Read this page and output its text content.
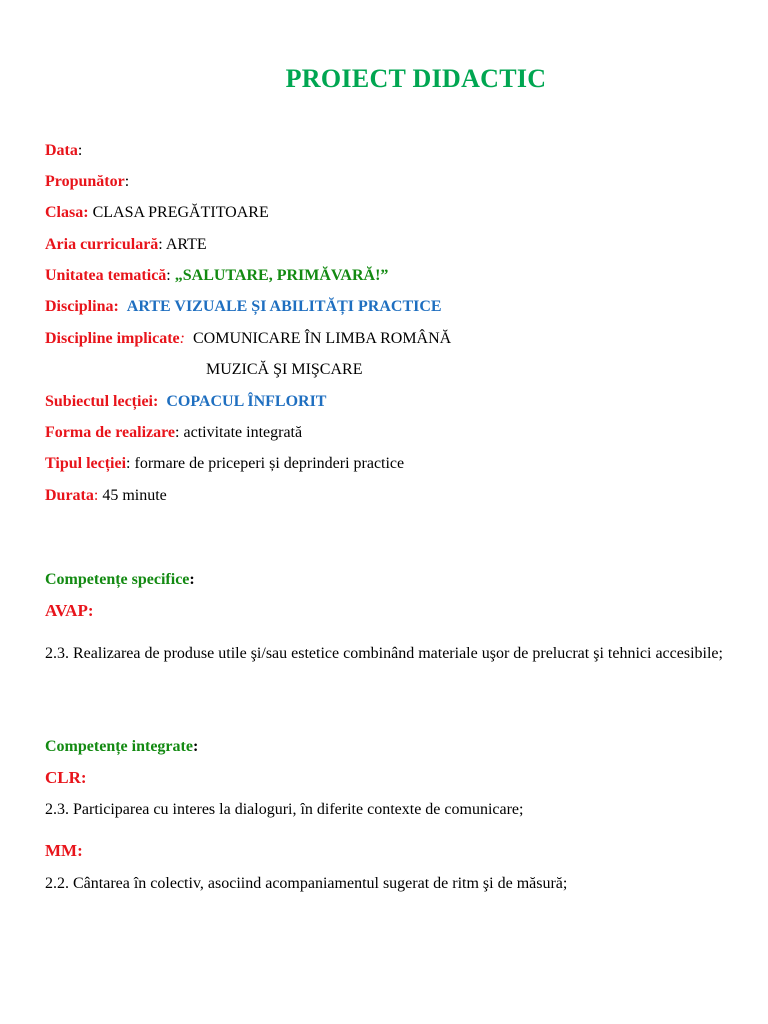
PROIECT DIDACTIC
Data:
Propunător:
Clasa: CLASA PREGĂTITOARE
Aria curriculară: ARTE
Unitatea tematică: „SALUTARE, PRIMĂVARĂ!”
Disciplina: ARTE VIZUALE ȘI ABILITĂȚI PRACTICE
Discipline implicate: COMUNICARE ÎN LIMBA ROMÂNĂ
MUZICĂ ŞI MIŞCARE
Subiectul lecției: COPACUL ÎNFLORIT
Forma de realizare: activitate integrată
Tipul lecției: formare de priceperi și deprinderi practice
Durata: 45 minute
Competențe specifice:
AVAP:
2.3. Realizarea de produse utile şi/sau estetice combinând materiale uşor de prelucrat şi tehnici accesibile;
Competențe integrate:
CLR:
2.3. Participarea cu interes la dialoguri, în diferite contexte de comunicare;
MM:
2.2. Cântarea în colectiv, asociind acompaniamentul sugerat de ritm şi de măsură;
